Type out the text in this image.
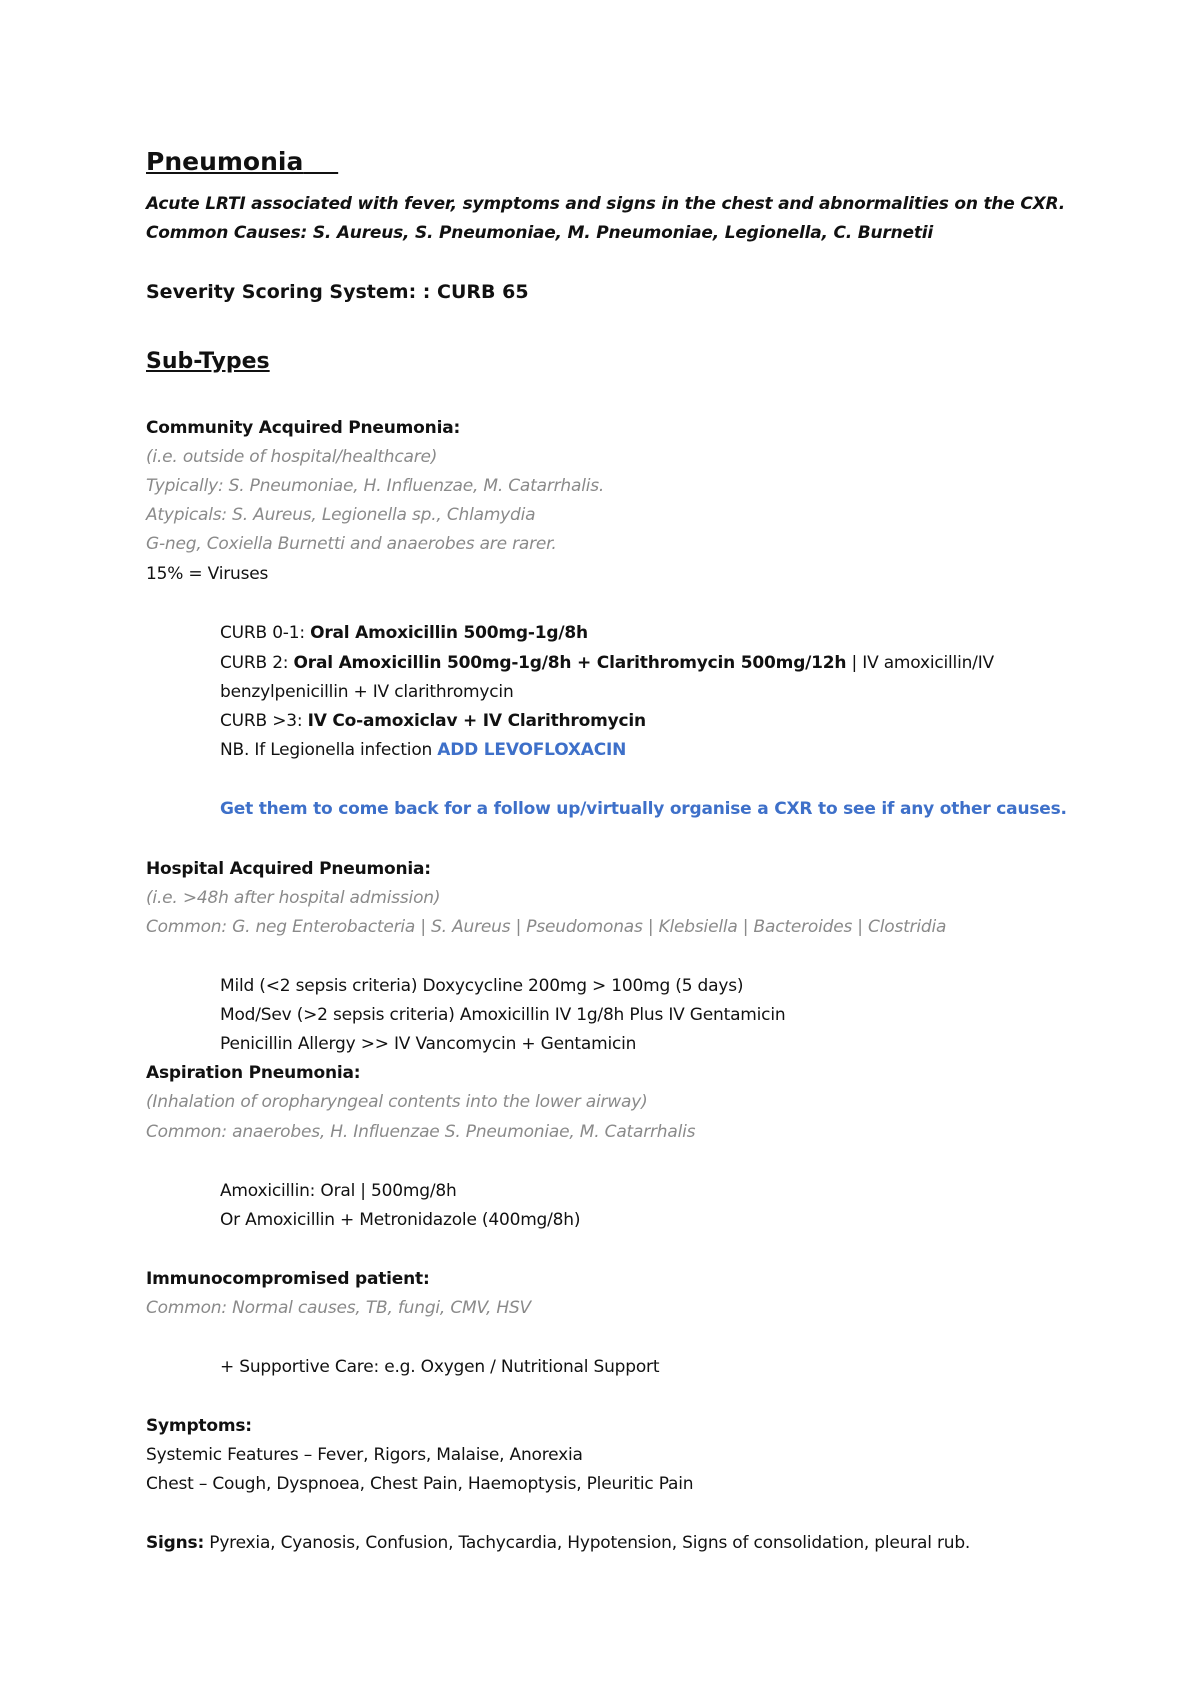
Pneumonia
Acute LRTI associated with fever, symptoms and signs in the chest and abnormalities on the CXR.
Common Causes: S. Aureus, S. Pneumoniae, M. Pneumoniae, Legionella, C. Burnetii
Severity Scoring System: : CURB 65
Sub-Types
Community Acquired Pneumonia:
(i.e. outside of hospital/healthcare)
Typically: S. Pneumoniae, H. Influenzae, M. Catarrhalis.
Atypicals: S. Aureus, Legionella sp., Chlamydia
G-neg, Coxiella Burnetti and anaerobes are rarer.
15% = Viruses
CURB 0-1: Oral Amoxicillin 500mg-1g/8h
CURB 2: Oral Amoxicillin 500mg-1g/8h + Clarithromycin 500mg/12h | IV amoxicillin/IV
benzylpenicillin + IV clarithromycin
CURB >3: IV Co-amoxiclav + IV Clarithromycin
NB. If Legionella infection ADD LEVOFLOXACIN
Get them to come back for a follow up/virtually organise a CXR to see if any other causes.
Hospital Acquired Pneumonia:
(i.e. >48h after hospital admission)
Common: G. neg Enterobacteria | S. Aureus | Pseudomonas | Klebsiella | Bacteroides | Clostridia
Mild (<2 sepsis criteria) Doxycycline 200mg > 100mg (5 days)
Mod/Sev (>2 sepsis criteria) Amoxicillin IV 1g/8h Plus IV Gentamicin
Penicillin Allergy >> IV Vancomycin + Gentamicin
Aspiration Pneumonia:
(Inhalation of oropharyngeal contents into the lower airway)
Common: anaerobes, H. Influenzae S. Pneumoniae, M. Catarrhalis
Amoxicillin: Oral | 500mg/8h
Or Amoxicillin + Metronidazole (400mg/8h)
Immunocompromised patient:
Common: Normal causes, TB, fungi, CMV, HSV
+ Supportive Care: e.g. Oxygen / Nutritional Support
Symptoms:
Systemic Features – Fever, Rigors, Malaise, Anorexia
Chest – Cough, Dyspnoea, Chest Pain, Haemoptysis, Pleuritic Pain
Signs: Pyrexia, Cyanosis, Confusion, Tachycardia, Hypotension, Signs of consolidation, pleural rub.
